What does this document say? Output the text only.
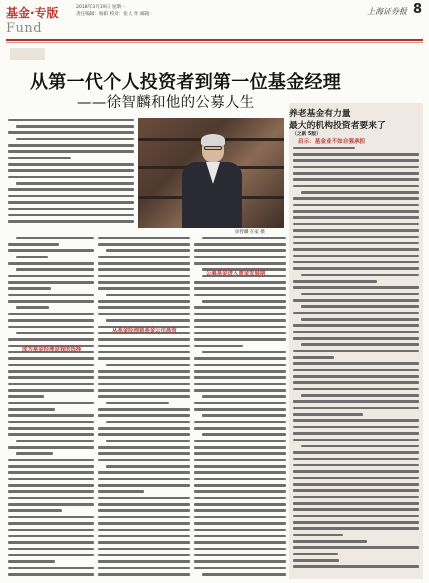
基金·专版
Fund
2018年3月19日 星期一
责任编辑：杨阳 校对：张人 作 邮箱：	上海证券报 8
从第一代个人投资者到第一位基金经理
——徐智麟和他的公募人生
徐智麟 在家 摄
成为基金经理是我的选择
从基金经理到基金公司高管
公募基金进入黄金发展期
养老基金有力量
最大的机构投资者要来了
（之新 5版）
启示：基金业不如自强承担
